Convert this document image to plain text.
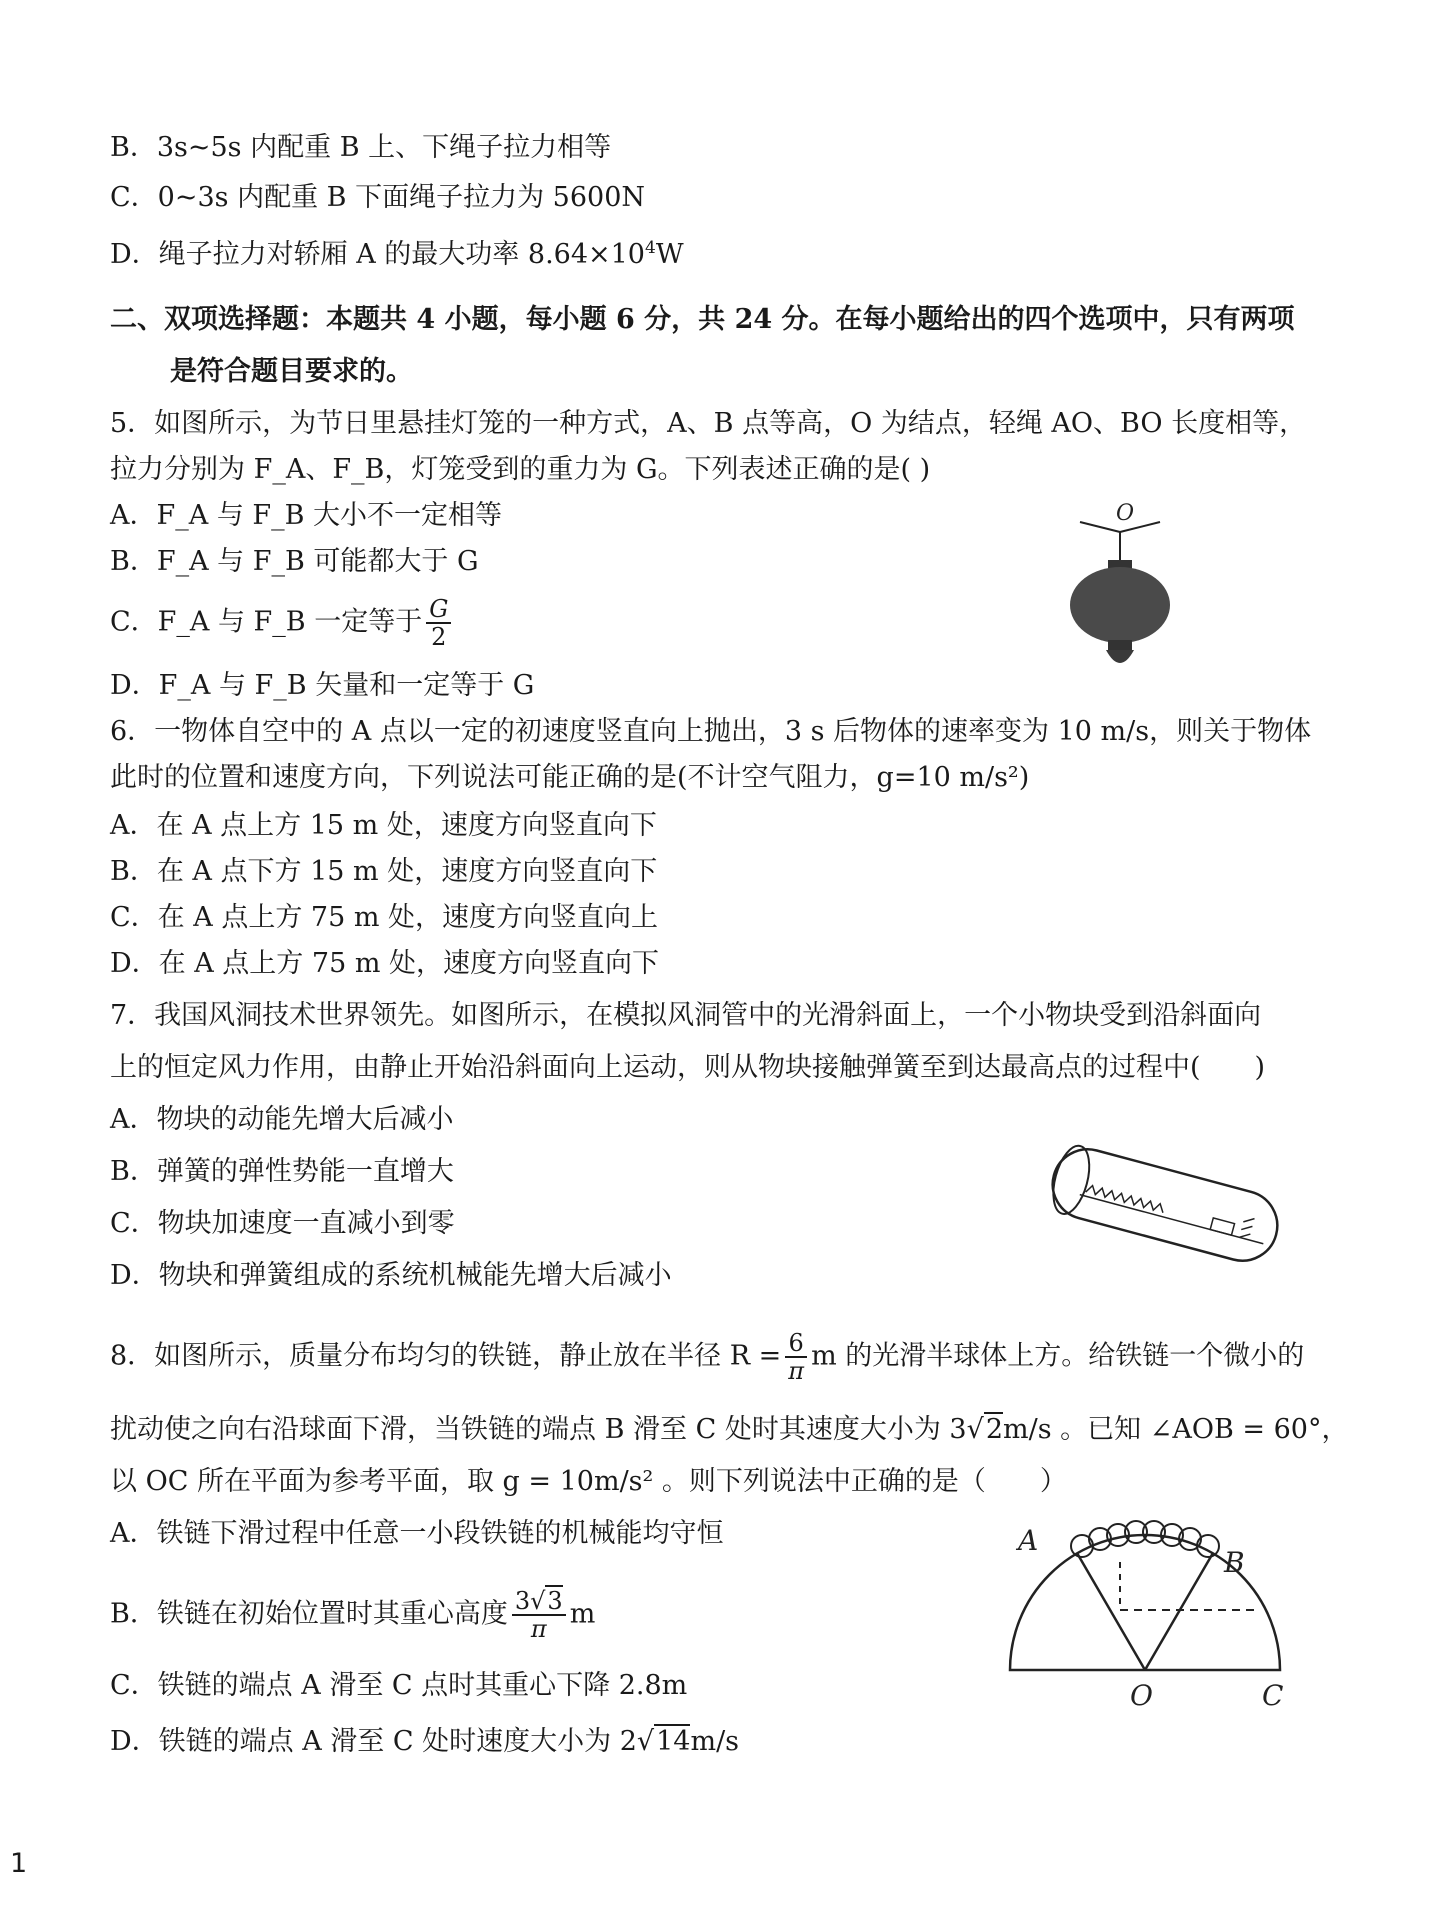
B．3s~5s 内配重 B 上、下绳子拉力相等
C．0~3s 内配重 B 下面绳子拉力为 5600N
D．绳子拉力对轿厢 A 的最大功率 $8.64\times 10^4W$
二、双项选择题：本题共 4 小题，每小题 6 分，共 24 分。在每小题给出的四个选项中，只有两项
是符合题目要求的。
5．如图所示，为节日里悬挂灯笼的一种方式，A、B 点等高，O 为结点，轻绳 AO、BO 长度相等，
拉力分别为 F_A、F_B，灯笼受到的重力为 G。下列表述正确的是( )
A．F_A 与 F_B 大小不一定相等
B．F_A 与 F_B 可能都大于 G
C．F_A 与 F_B 一定等于 $\frac{G}{2}$
D．F_A 与 F_B 矢量和一定等于 G
O
6．一物体自空中的 A 点以一定的初速度竖直向上抛出，3 s 后物体的速率变为 10 m/s，则关于物体
此时的位置和速度方向，下列说法可能正确的是(不计空气阻力，g=10 m/s²)
A．在 A 点上方 15 m 处，速度方向竖直向下
B．在 A 点下方 15 m 处，速度方向竖直向下
C．在 A 点上方 75 m 处，速度方向竖直向上
D．在 A 点上方 75 m 处，速度方向竖直向下
7．我国风洞技术世界领先。如图所示，在模拟风洞管中的光滑斜面上，一个小物块受到沿斜面向
上的恒定风力作用，由静止开始沿斜面向上运动，则从物块接触弹簧至到达最高点的过程中(　　)
A．物块的动能先增大后减小
B．弹簧的弹性势能一直增大
C．物块加速度一直减小到零
D．物块和弹簧组成的系统机械能先增大后减小
8．如图所示，质量分布均匀的铁链，静止放在半径 $R = \frac{6}{\pi}$ m 的光滑半球体上方。给铁链一个微小的
扰动使之向右沿球面下滑，当铁链的端点 B 滑至 C 处时其速度大小为 3√2m/s 。已知 ∠AOB = 60°，
以 OC 所在平面为参考平面，取 g = 10m/s² 。则下列说法中正确的是（　　）
A．铁链下滑过程中任意一小段铁链的机械能均守恒
B．铁链在初始位置时其重心高度 $\frac{3√3}{\pi}$ m
C．铁链的端点 A 滑至 C 点时其重心下降 2.8m
D．铁链的端点 A 滑至 C 处时速度大小为 2√14m/s
A
B
O	C
1
